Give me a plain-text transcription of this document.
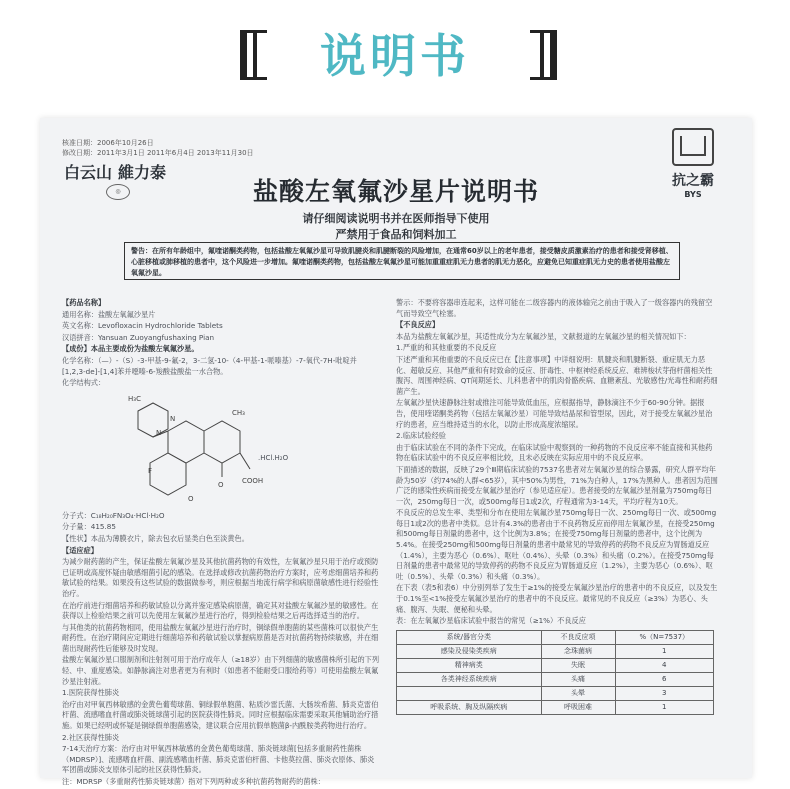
说明书
核准日期：2006年10月26日
修改日期：2011年3月1日 2011年6月4日 2013年11月30日
白云山 維力泰
◎
抗之霸
BYS
盐酸左氧氟沙星片说明书
请仔细阅读说明书并在医师指导下使用
严禁用于食品和饲料加工
警告：在所有年龄组中，氟喹诺酮类药物，包括盐酸左氧氟沙星可导致肌腱炎和肌腱断裂的风险增加，在通常60岁以上的老年患者，接受糖皮质激素治疗的患者和接受肾移植、心脏移植或肺移植的患者中，这个风险进一步增加。氟喹诺酮类药物，包括盐酸左氧氟沙星可能加重重症肌无力患者的肌无力恶化，应避免已知重症肌无力史的患者使用盐酸左氧氟沙星。

【药品名称】

通用名称：盐酸左氧氟沙星片

英文名称：Levofloxacin Hydrochloride Tablets

汉语拼音：Yansuan Zuoyangfushaxing Pian

【成份】本品主要成份为盐酸左氧氟沙星。

化学名称：（—）-（S）-3-甲基-9-氟-2，3-二氢-10-（4-甲基-1-哌嗪基）-7-氧代-7H-吡啶并[1,2,3-de]-[1,4]苯并噁嗪-6-羧酸盐酸盐一水合物。

化学结构式：

H₃C
N
N
F
O
O	COOH
CH₃
.HCl.H₂O

分子式：C₁₈H₂₀FN₃O₄·HCl·H₂O

分子量：415.85

【性状】本品为薄膜衣片，除去包衣后显类白色至淡黄色。

【适应症】

为减少耐药菌的产生，保证盐酸左氧氟沙星及其他抗菌药物的有效性，左氧氟沙星只用于治疗或预防已证明或高度怀疑由敏感细菌引起的感染。在选择或修改抗菌药物治疗方案时，应考虑细菌培养和药敏试验的结果。如果没有这些试验的数据做参考，则应根据当地流行病学和病原菌敏感性进行经验性治疗。

在治疗前进行细菌培养和药敏试验以分离并鉴定感染病原菌，确定其对盐酸左氧氟沙星的敏感性。在获得以上检验结果之前可以先使用左氧氟沙星进行治疗，得到检验结果之后再选择适当的治疗。

与其他类的抗菌药物相同，使用盐酸左氧氟沙星进行治疗时，铜绿假单胞菌的某些菌株可以很快产生耐药性。在治疗期间应定期进行细菌培养和药敏试验以掌握病原菌是否对抗菌药物持续敏感，并在细菌出现耐药性后能够及时发现。

盐酸左氧氟沙星口服制剂和注射剂可用于治疗成年人（≥18岁）由下列细菌的敏感菌株所引起的下列轻、中、重度感染。如静脉滴注对患者更为有利时（如患者不能耐受口服给药等）可使用盐酸左氧氟沙星注射液。

1.医院获得性肺炎

治疗由对甲氧西林敏感的金黄色葡萄球菌、铜绿假单胞菌、粘质沙雷氏菌、大肠埃希菌、肺炎克雷伯杆菌、流感嗜血杆菌或肺炎链球菌引起的医院获得性肺炎。同时应根据临床需要采取其他辅助治疗措施。如果已经明或怀疑是铜绿假单胞菌感染，建议联合应用抗假单胞菌β-内酰胺类药物进行治疗。

2.社区获得性肺炎

7-14天治疗方案：治疗由对甲氧西林敏感的金黄色葡萄球菌、肺炎链球菌[包括多重耐药性菌株（MDRSP）]、流感嗜血杆菌、副流感嗜血杆菌、肺炎克雷伯杆菌、卡他莫拉菌、肺炎衣原体、肺炎军团菌或肺炎支原体引起的社区获得性肺炎。

注：MDRSP（多重耐药性肺炎链球菌）指对下列两种或多种抗菌药物耐药的菌株：

警示：不要将容器串连起来，这样可能在二级容器内的液体输完之前由于吸入了一级容器内的残留空气而导致空气栓塞。

【不良反应】

本品为盐酸左氧氟沙星，其适性成分为左氧氟沙星，文献报道的左氧氟沙星的相关情况如下：

1.严重的和其他重要的不良反应

下述严重和其他重要的不良反应已在【注意事项】中详细说明：肌腱炎和肌腱断裂、重症肌无力恶化、超敏反应、其他严重和有时致命的反应、肝毒性、中枢神经系统反应、难辨梭状芽孢杆菌相关性腹泻、周围神经病、QT间期延长、儿科患者中的肌肉骨骼疾病、血糖紊乱、光敏感性/光毒性和耐药细菌产生。

左氧氟沙星快速静脉注射或推注可能导致低血压，应根据指导，静脉滴注不少于60-90分钟。据报告，使用喹诺酮类药物（包括左氧氟沙星）可能导致结晶尿和管型尿，因此，对于接受左氧氟沙星治疗的患者，应当维持适当的水化，以防止形成高度浓缩尿。

2.临床试验经验

由于临床试验在不同的条件下完成，在临床试验中观察到的一种药物的不良反应率不能直接和其他药物在临床试验中的不良反应率相比较，且未必反映在实际应用中的不良反应率。

下面描述的数据，反映了29个Ⅲ期临床试验的7537名患者对左氧氟沙星的综合暴露，研究人群平均年龄为50岁（约74%的人群<65岁），其中50%为男性，71%为白种人，17%为黑种人。患者因为范围广泛的感染性疾病而接受左氧氟沙星治疗（参见适应症）。患者接受的左氧氟沙星剂量为750mg每日一次，250mg每日一次，或500mg每日1或2次，疗程通常为3-14天，平均疗程为10天。

不良反应的总发生率、类型和分布在使用左氧氟沙星750mg每日一次、250mg每日一次、或500mg每日1或2次的患者中类似。总计有4.3%的患者由于不良药物反应而停用左氧氟沙星，在接受250mg和500mg每日剂量的患者中，这个比例为3.8%；在接受750mg每日剂量的患者中，这个比例为5.4%。在接受250mg和500mg每日剂量的患者中最常见的导致停药的药物不良反应为胃肠道反应（1.4%），主要为恶心（0.6%）、呕吐（0.4%）、头晕（0.3%）和头痛（0.2%）。在接受750mg每日剂量的患者中最常见的导致停药的药物不良反应为胃肠道反应（1.2%），主要为恶心（0.6%）、呕吐（0.5%）、头晕（0.3%）和头痛（0.3%）。

在下表（表5和表6）中分别列举了发生于≥1%的接受左氧氟沙星治疗的患者中的不良反应，以及发生于0.1%至<1%接受左氧氟沙星治疗的患者中的不良反应。最常见的不良反应（≥3%）为恶心、头痛、腹泻、失眠、便秘和头晕。

表：在左氧氟沙星临床试验中报告的常见（≥1%）不良反应

系统/器官分类	不良反应项	%（N=7537）
感染及侵染类疾病	念珠菌病	1
精神病类	失眠	4
各类神经系统疾病	头痛	6
	头晕	3
呼吸系统、胸及纵隔疾病	呼吸困难	1
